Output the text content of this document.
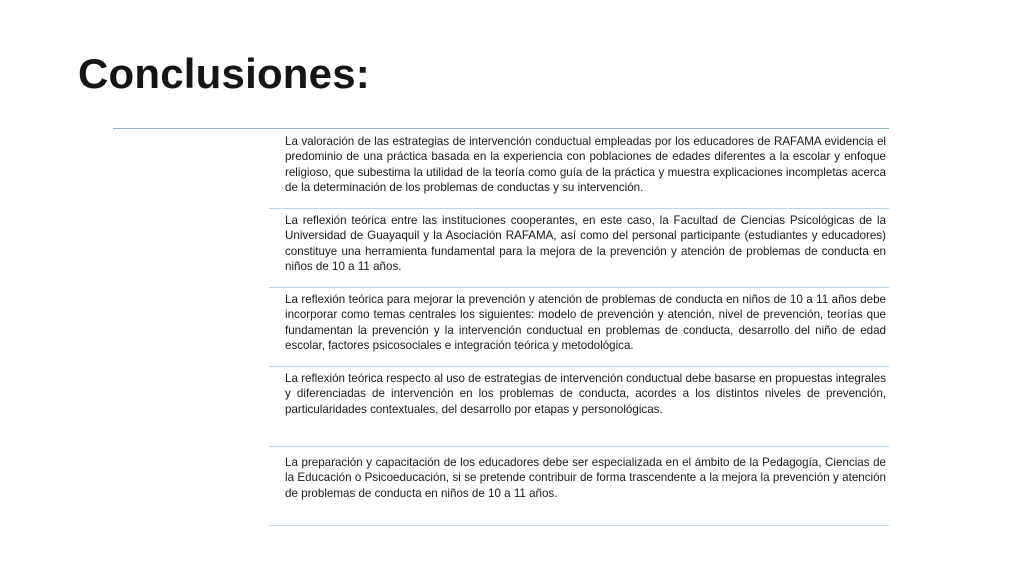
Conclusiones:

La valoración de las estrategias de intervención conductual empleadas por los educadores de RAFAMA evidencia el predominio de una práctica basada en la experiencia con poblaciones de edades diferentes a la escolar y enfoque religioso, que subestima la utilidad de la teoría como guía de la práctica y muestra explicaciones incompletas acerca de la determinación de los problemas de conductas y su intervención.

La reflexión teórica entre las instituciones cooperantes, en este caso, la Facultad de Ciencias Psicológicas de la Universidad de Guayaquil y la Asociación RAFAMA, así como del personal participante (estudiantes y educadores) constituye una herramienta fundamental para la mejora de la prevención y atención de problemas de conducta en niños de 10 a 11 años.

La reflexión teórica para mejorar la prevención y atención de problemas de conducta en niños de 10 a 11 años debe incorporar como temas centrales los siguientes: modelo de prevención y atención, nivel de prevención, teorías que fundamentan la prevención y la intervención conductual en problemas de conducta, desarrollo del niño de edad escolar, factores psicosociales e integración teórica y metodológica.

La reflexión teórica respecto al uso de estrategias de intervención conductual debe basarse en propuestas integrales y diferenciadas de intervención en los problemas de conducta, acordes a los distintos niveles de prevención, particularidades contextuales, del desarrollo por etapas y personológicas.

La preparación y capacitación de los educadores debe ser especializada en el ámbito de la Pedagogía, Ciencias de la Educación o Psicoeducación, si se pretende contribuir de forma trascendente a la mejora la prevención y atención de problemas de conducta en niños de 10 a 11 años.
